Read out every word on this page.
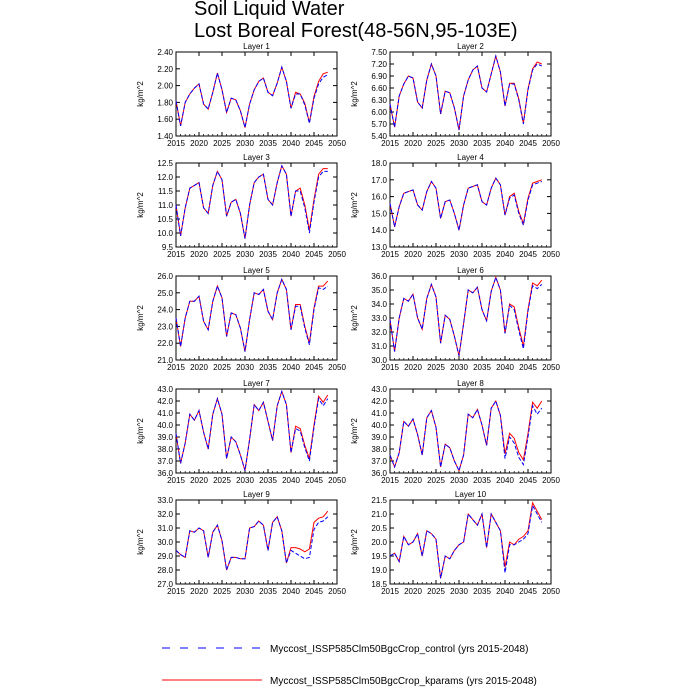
Soil Liquid Water
Lost Boreal Forest(48-56N,95-103E)
Layer 1
kg/m^2
1.40
1.60
1.80
2.00
2.20
2.40
2015 2020 2025 2030 2035 2040 2045 2050
Layer 2
kg/m^2
5.40
5.70
6.00
6.30
6.60
6.90
7.20
7.50
2015 2020 2025 2030 2035 2040 2045 2050
Layer 3
kg/m^2
9.5
10.0
10.5
11.0
11.5
12.0
12.5
2015 2020 2025 2030 2035 2040 2045 2050
Layer 4
kg/m^2
13.0
14.0
15.0
16.0
17.0
18.0
2015 2020 2025 2030 2035 2040 2045 2050
Layer 5
kg/m^2
21.0
22.0
23.0
24.0
25.0
26.0
2015 2020 2025 2030 2035 2040 2045 2050
Layer 6
kg/m^2
30.0
31.0
32.0
33.0
34.0
35.0
36.0
2015 2020 2025 2030 2035 2040 2045 2050
Layer 7
kg/m^2
36.0
37.0
38.0
39.0
40.0
41.0
42.0
43.0
2015 2020 2025 2030 2035 2040 2045 2050
Layer 8
kg/m^2
36.0
37.0
38.0
39.0
40.0
41.0
42.0
43.0
2015 2020 2025 2030 2035 2040 2045 2050
Layer 9
kg/m^2
27.0
28.0
29.0
30.0
31.0
32.0
33.0
2015 2020 2025 2030 2035 2040 2045 2050
Layer 10
kg/m^2
18.5
19.0
19.5
20.0
20.5
21.0
21.5
2015 2020 2025 2030 2035 2040 2045 2050
Myccost_ISSP585Clm50BgcCrop_control (yrs 2015-2048)
Myccost_ISSP585Clm50BgcCrop_kparams (yrs 2015-2048)
